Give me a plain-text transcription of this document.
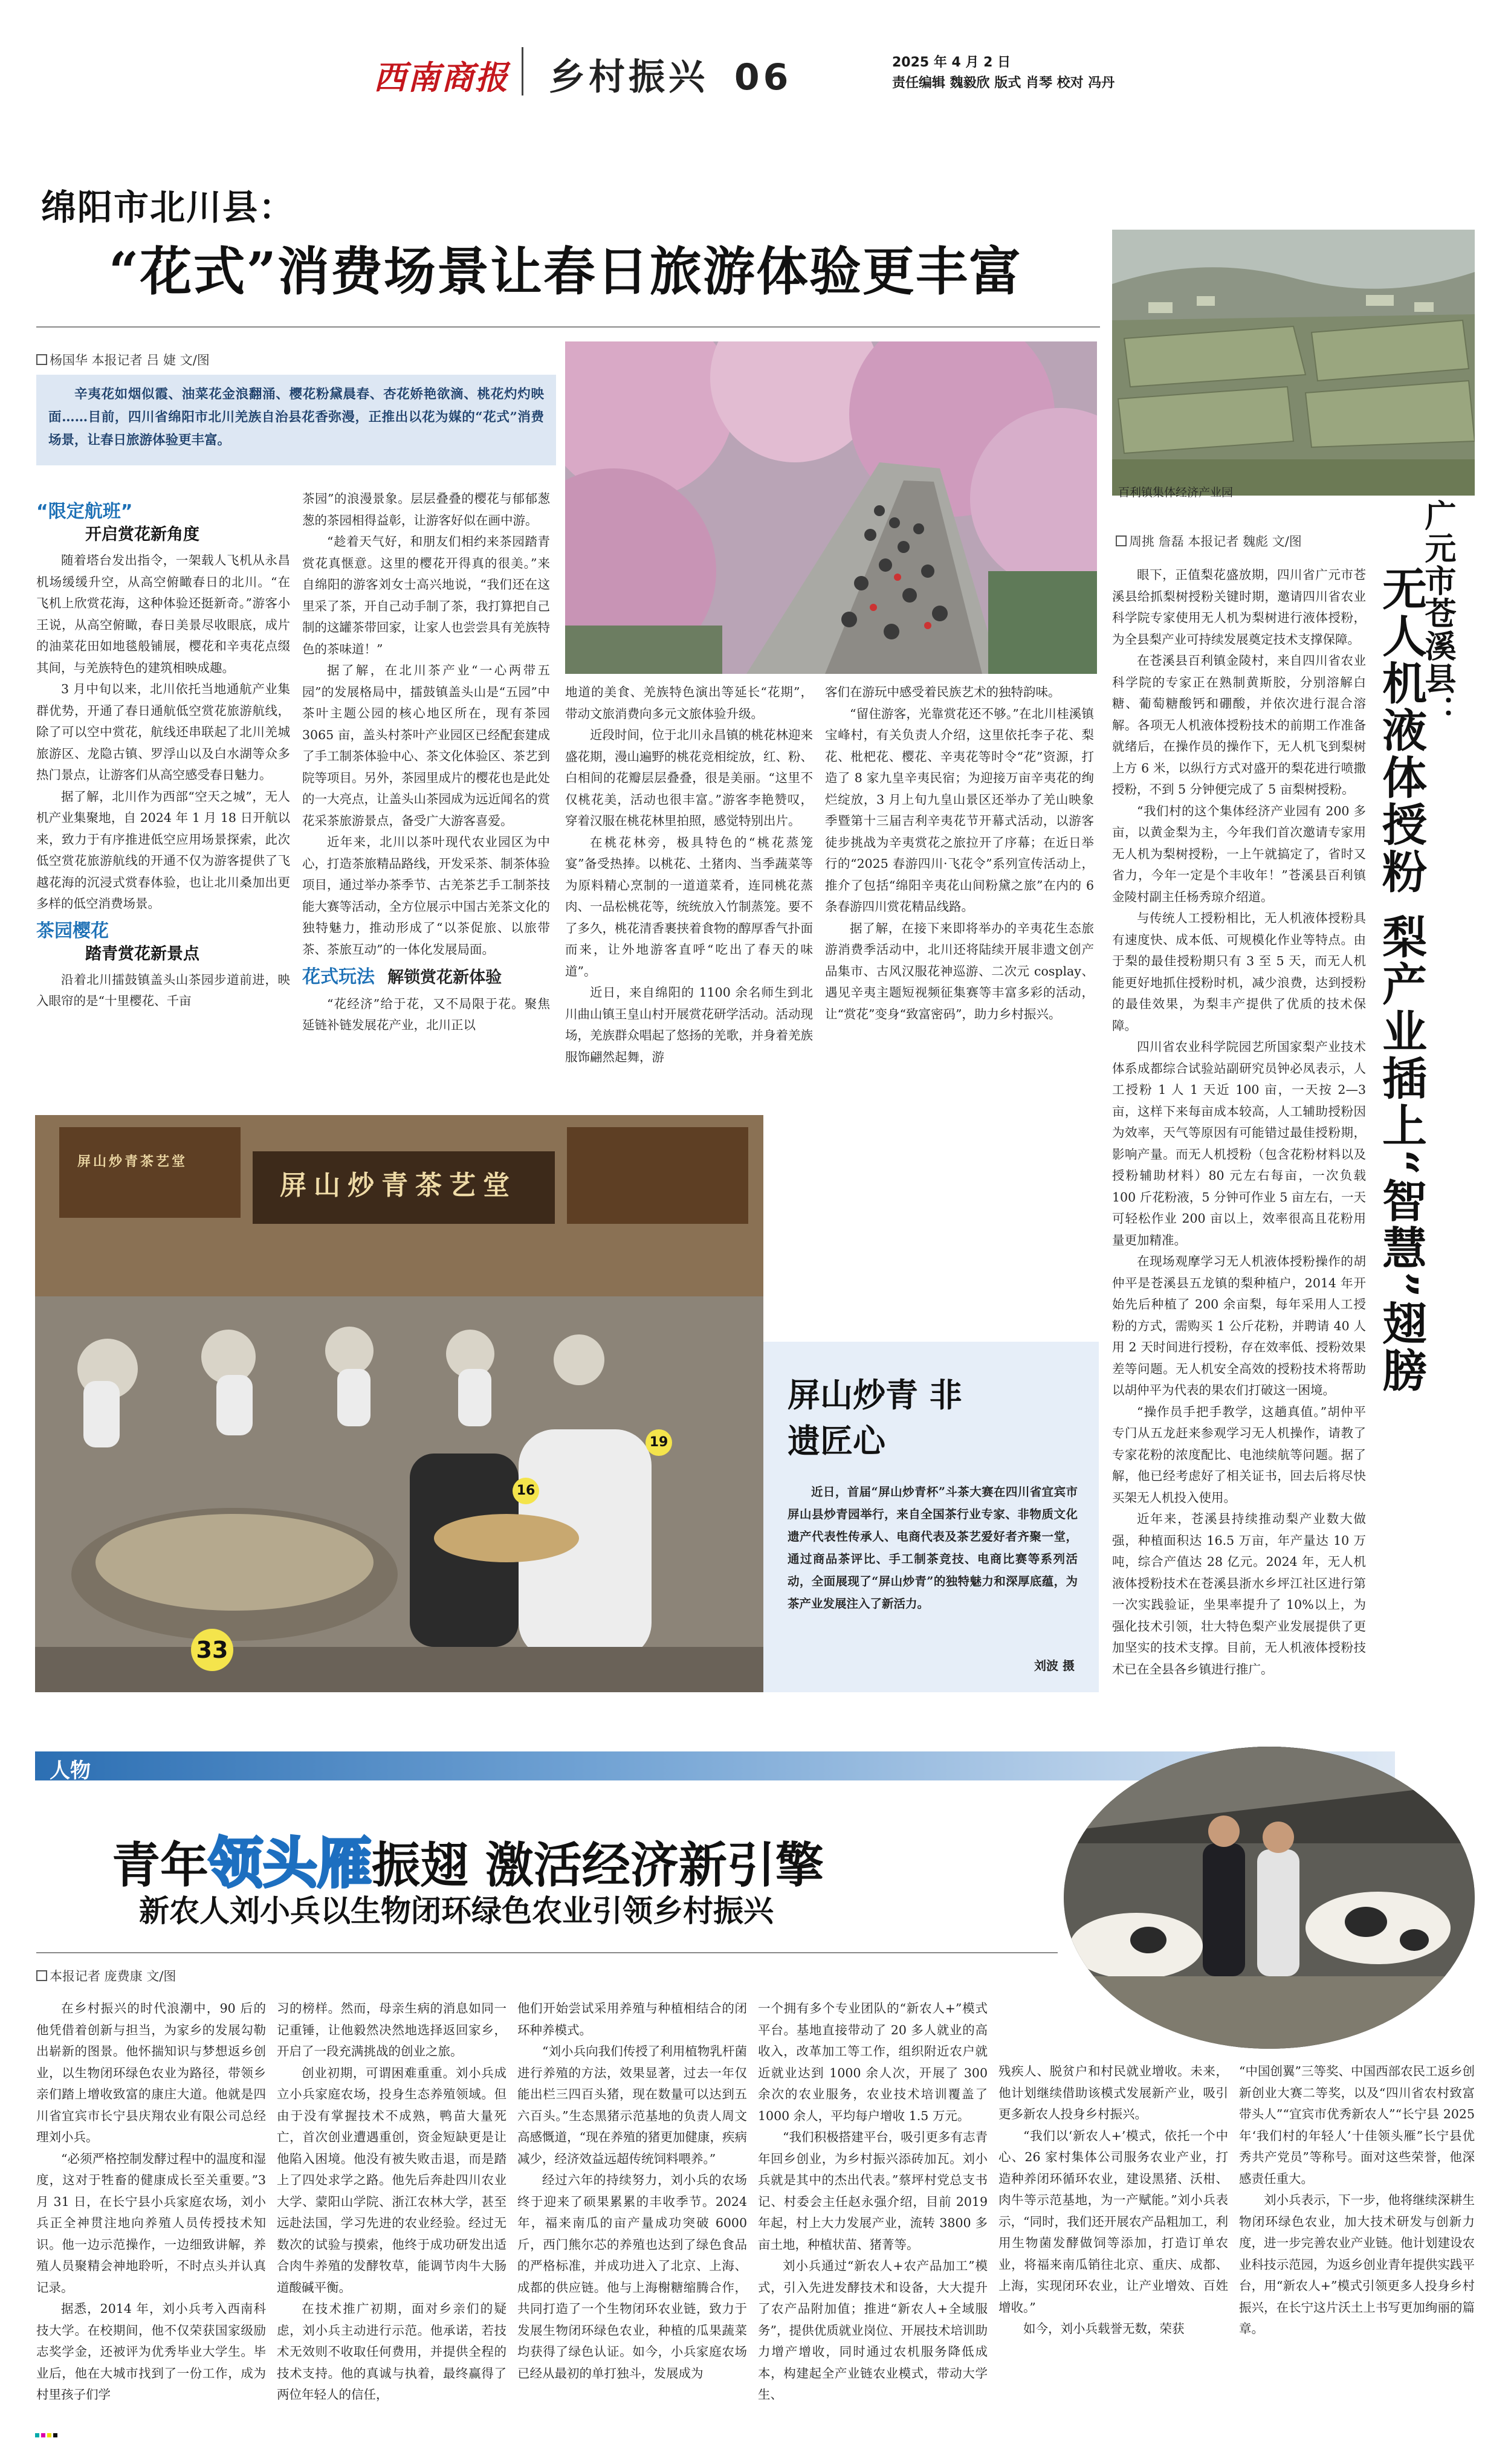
西南商报 乡村振兴 06	2025 年 4 月 2 日
责任编辑 魏毅欣 版式 肖琴 校对 冯丹
绵阳市北川县：
“花式”消费场景让春日旅游体验更丰富
杨国华 本报记者 吕 婕 文/图

辛夷花如烟似霞、油菜花金浪翻涌、樱花粉黛晨春、杏花娇艳欲滴、桃花灼灼映面……目前，四川省绵阳市北川羌族自治县花香弥漫，正推出以花为媒的“花式”消费场景，让春日旅游体验更丰富。

“限定航班”
开启赏花新角度

随着塔台发出指令，一架载人飞机从永昌机场缓缓升空，从高空俯瞰春日的北川。“在飞机上欣赏花海，这种体验还挺新奇。”游客小王说，从高空俯瞰，春日美景尽收眼底，成片的油菜花田如地毯般铺展，樱花和辛夷花点缀其间，与羌族特色的建筑相映成趣。

3 月中旬以来，北川依托当地通航产业集群优势，开通了春日通航低空赏花旅游航线，除了可以空中赏花，航线还串联起了北川羌城旅游区、龙隐古镇、罗浮山以及白水湖等众多热门景点，让游客们从高空感受春日魅力。

据了解，北川作为西部“空天之城”，无人机产业集聚地，自 2024 年 1 月 18 日开航以来，致力于有序推进低空应用场景探索，此次低空赏花旅游航线的开通不仅为游客提供了飞越花海的沉浸式赏春体验，也让北川桑加出更多样的低空消费场景。

茶园樱花
踏青赏花新景点

沿着北川擂鼓镇盖头山茶园步道前进，映入眼帘的是“十里樱花、千亩

茶园”的浪漫景象。层层叠叠的樱花与郁郁葱葱的茶园相得益彰，让游客好似在画中游。

“趁着天气好，和朋友们相约来茶园踏青赏花真惬意。这里的樱花开得真的很美。”来自绵阳的游客刘女士高兴地说，“我们还在这里采了茶，开自己动手制了茶，我打算把自己制的这罐茶带回家，让家人也尝尝具有羌族特色的茶味道！”

据了解，在北川茶产业“一心两带五园”的发展格局中，擂鼓镇盖头山是“五园”中茶叶主题公园的核心地区所在，现有茶园 3065 亩，盖头村茶叶产业园区已经配套建成了手工制茶体验中心、茶文化体验区、茶艺到院等项目。另外，茶园里成片的樱花也是此处的一大亮点，让盖头山茶园成为远近闻名的赏花采茶旅游景点，备受广大游客喜爱。

近年来，北川以茶叶现代农业园区为中心，打造茶旅精品路线，开发采茶、制茶体验项目，通过举办茶季节、古羌茶艺手工制茶技能大赛等活动，全方位展示中国古羌茶文化的独特魅力，推动形成了“以茶促旅、以旅带茶、茶旅互动”的一体化发展局面。

花式玩法 解锁赏花新体验

“花经济”给于花，又不局限于花。聚焦延链补链发展花产业，北川正以

地道的美食、羌族特色演出等延长“花期”，带动文旅消费向多元文旅体验升级。

近段时间，位于北川永昌镇的桃花林迎来盛花期，漫山遍野的桃花竞相绽放，红、粉、白相间的花瓣层层叠叠，很是美丽。“这里不仅桃花美，活动也很丰富。”游客李艳赞叹，穿着汉服在桃花林里拍照，感觉特别出片。

在桃花林旁，极具特色的“桃花蒸笼宴”备受热捧。以桃花、土猪肉、当季蔬菜等为原料精心烹制的一道道菜肴，连同桃花蒸肉、一品松桃花等，统统放入竹制蒸笼。要不了多久，桃花清香裹挟着食物的醇厚香气扑面而来，让外地游客直呼“吃出了春天的味道”。

近日，来自绵阳的 1100 余名师生到北川曲山镇王皇山村开展赏花研学活动。活动现场，羌族群众唱起了悠扬的羌歌，并身着羌族服饰翩然起舞，游

客们在游玩中感受着民族艺术的独特韵味。

“留住游客，光靠赏花还不够。”在北川桂溪镇宝峰村，有关负责人介绍，这里依托李子花、梨花、枇杷花、樱花、辛夷花等时令“花”资源，打造了 8 家九皇辛夷民宿；为迎接万亩辛夷花的绚烂绽放，3 月上旬九皇山景区还举办了羌山映象季暨第十三届吉利辛夷花节开幕式活动，以游客徒步挑战为辛夷赏花之旅拉开了序幕；在近日举行的“2025 春游四川·飞花令”系列宣传活动上，推介了包括“绵阳辛夷花山间粉黛之旅”在内的 6 条春游四川赏花精品线路。

据了解，在接下来即将举办的辛夷花生态旅游消费季活动中，北川还将陆续开展非遗文创产品集市、古风汉服花神巡游、二次元 cosplay、遇见辛夷主题短视频征集赛等丰富多彩的活动，让“赏花”变身“致富密码”，助力乡村振兴。

百利镇集体经济产业园
广元市苍溪县：
无人机液体授粉 梨产业插上“智慧”翅膀
周挑 詹磊 本报记者 魏彪 文/图

眼下，正值梨花盛放期，四川省广元市苍溪县给抓梨树授粉关键时期，邀请四川省农业科学院专家使用无人机为梨树进行液体授粉，为全县梨产业可持续发展奠定技术支撑保障。

在苍溪县百利镇金陵村，来自四川省农业科学院的专家正在熟制黄斯胶，分别溶解白糖、葡萄糖酸钙和硼酸，并依次进行混合溶解。各项无人机液体授粉技术的前期工作准备就绪后，在操作员的操作下，无人机飞到梨树上方 6 米，以纵行方式对盛开的梨花进行喷撒授粉，不到 5 分钟便完成了 5 亩梨树授粉。

“我们村的这个集体经济产业园有 200 多亩，以黄金梨为主，今年我们首次邀请专家用无人机为梨树授粉，一上午就搞定了，省时又省力，今年一定是个丰收年！”苍溪县百利镇金陵村副主任杨秀琼介绍道。

与传统人工授粉相比，无人机液体授粉具有速度快、成本低、可规模化作业等特点。由于梨的最佳授粉期只有 3 至 5 天，而无人机能更好地抓住授粉时机，减少浪费，达到授粉的最佳效果，为梨丰产提供了优质的技术保障。

四川省农业科学院园艺所国家梨产业技术体系成都综合试验站副研究员钟必凤表示，人工授粉 1 人 1 天近 100 亩，一天按 2—3 亩，这样下来每亩成本较高，人工辅助授粉因为效率，天气等原因有可能错过最佳授粉期，影响产量。而无人机授粉（包含花粉材料以及授粉辅助材料）80 元左右每亩，一次负载 100 斤花粉液，5 分钟可作业 5 亩左右，一天可轻松作业 200 亩以上，效率很高且花粉用量更加精准。

在现场观摩学习无人机液体授粉操作的胡仲平是苍溪县五龙镇的梨种植户，2014 年开始先后种植了 200 余亩梨，每年采用人工授粉的方式，需购买 1 公斤花粉，并聘请 40 人用 2 天时间进行授粉，存在效率低、授粉效果差等问题。无人机安全高效的授粉技术将帮助以胡仲平为代表的果农们打破这一困境。

“操作员手把手教学，这趟真值。”胡仲平专门从五龙赶来参观学习无人机操作，请教了专家花粉的浓度配比、电池续航等问题。据了解，他已经考虑好了相关证书，回去后将尽快买架无人机投入使用。

近年来，苍溪县持续推动梨产业数大做强，种植面积达 16.5 万亩，年产量达 10 万吨，综合产值达 28 亿元。2024 年，无人机液体授粉技术在苍溪县浙水乡坪江社区进行第一次实践验证，坐果率提升了 10%以上，为强化技术引领，壮大特色梨产业发展提供了更加坚实的技术支撑。目前，无人机液体授粉技术已在全县各乡镇进行推广。

屏山炒青茶艺堂
屏山炒青茶艺堂
33
16
19
屏山炒青 非遗匠心

近日，首届“屏山炒青杯”斗茶大赛在四川省宜宾市屏山县炒青园举行，来自全国茶行业专家、非物质文化遗产代表性传承人、电商代表及茶艺爱好者齐聚一堂，通过商品茶评比、手工制茶竞技、电商比赛等系列活动，全面展现了“屏山炒青”的独特魅力和深厚底蕴，为茶产业发展注入了新活力。

刘波 摄
人物
青年领头雁振翅 激活经济新引擎
新农人刘小兵以生物闭环绿色农业引领乡村振兴
本报记者 庞费康 文/图

在乡村振兴的时代浪潮中，90 后的他凭借着创新与担当，为家乡的发展勾勒出崭新的图景。他怀揣知识与梦想返乡创业，以生物闭环绿色农业为路径，带领乡亲们踏上增收致富的康庄大道。他就是四川省宜宾市长宁县庆翔农业有限公司总经理刘小兵。

“必须严格控制发酵过程中的温度和湿度，这对于牲畜的健康成长至关重要。”3 月 31 日，在长宁县小兵家庭农场，刘小兵正全神贯注地向养殖人员传授技术知识。他一边示范操作，一边细致讲解，养殖人员聚精会神地聆听，不时点头并认真记录。

据悉，2014 年，刘小兵考入西南科技大学。在校期间，他不仅荣获国家级励志奖学金，还被评为优秀毕业大学生。毕业后，他在大城市找到了一份工作，成为村里孩子们学

习的榜样。然而，母亲生病的消息如同一记重锤，让他毅然决然地选择返回家乡，开启了一段充满挑战的创业之旅。

创业初期，可谓困难重重。刘小兵成立小兵家庭农场，投身生态养殖领域。但由于没有掌握技术不成熟，鸭苗大量死亡，首次创业遭遇重创，资金短缺更是让他陷入困境。他没有被失败击退，而是踏上了四处求学之路。他先后奔赴四川农业大学、蒙阳山学院、浙江农林大学，甚至远赴法国，学习先进的农业经验。经过无数次的试验与摸索，他终于成功研发出适合肉牛养殖的发酵牧草，能调节肉牛大肠道酸碱平衡。

在技术推广初期，面对乡亲们的疑虑，刘小兵主动进行示范。他承诺，若技术无效则不收取任何费用，并提供全程的技术支持。他的真诚与执着，最终赢得了两位年轻人的信任，

他们开始尝试采用养殖与种植相结合的闭环种养模式。

“刘小兵向我们传授了利用植物乳杆菌进行养殖的方法，效果显著，过去一年仅能出栏三四百头猪，现在数量可以达到五六百头。”生态黑猪示范基地的负责人周文高感慨道，“现在养殖的猪更加健康，疾病减少，经济效益远超传统饲料喂养。”

经过六年的持续努力，刘小兵的农场终于迎来了硕果累累的丰收季节。2024 年，福来南瓜的亩产量成功突破 6000 斤，西门熊尔芯的养殖也达到了绿色食品的严格标准，并成功进入了北京、上海、成都的供应链。他与上海榭糖缩腾合作，共同打造了一个生物闭环农业链，致力于发展生物闭环绿色农业，种植的瓜果蔬菜均获得了绿色认证。如今，小兵家庭农场已经从最初的单打独斗，发展成为

一个拥有多个专业团队的“新农人+”模式平台。基地直接带动了 20 多人就业的高收入，改革加工等工作，组织附近农户就近就业达到 1000 余人次，开展了 300 余次的农业服务，农业技术培训覆盖了 1000 余人，平均每户增收 1.5 万元。

“我们积极搭建平台，吸引更多有志青年回乡创业，为乡村振兴添砖加瓦。刘小兵就是其中的杰出代表。”蔡坪村党总支书记、村委会主任赵永强介绍，目前 2019 年起，村上大力发展产业，流转 3800 多亩土地，种植状苗、猪菁等。

刘小兵通过“新农人+农产品加工”模式，引入先进发酵技术和设备，大大提升了农产品附加值；推进“新农人+全域服务”，提供优质就业岗位、开展技术培训助力增产增收，同时通过农机服务降低成本，构建起全产业链农业模式，带动大学生、

残疾人、脱贫户和村民就业增收。未来，他计划继续借助该模式发展新产业，吸引更多新农人投身乡村振兴。

“我们以‘新农人+’模式，依托一个中心、26 家村集体公司服务农业产业，打造种养闭环循环农业，建设黑猪、沃柑、肉牛等示范基地，为一产赋能。”刘小兵表示，“同时，我们还开展农产品粗加工，利用生物菌发酵做饲等添加，打造订单农业，将福来南瓜销往北京、重庆、成都、上海，实现闭环农业，让产业增效、百姓增收。”

如今，刘小兵载誉无数，荣获

“中国创翼”三等奖、中国西部农民工返乡创新创业大赛二等奖，以及“四川省农村致富带头人”“宜宾市优秀新农人”“长宁县 2025 年‘我们村的年轻人’十佳领头雁”长宁县优秀共产党员”等称号。面对这些荣誉，他深感责任重大。

刘小兵表示，下一步，他将继续深耕生物闭环绿色农业，加大技术研发与创新力度，进一步完善农业产业链。他计划建设农业科技示范园，为返乡创业青年提供实践平台，用“新农人+”模式引领更多人投身乡村振兴，在长宁这片沃土上书写更加绚丽的篇章。
